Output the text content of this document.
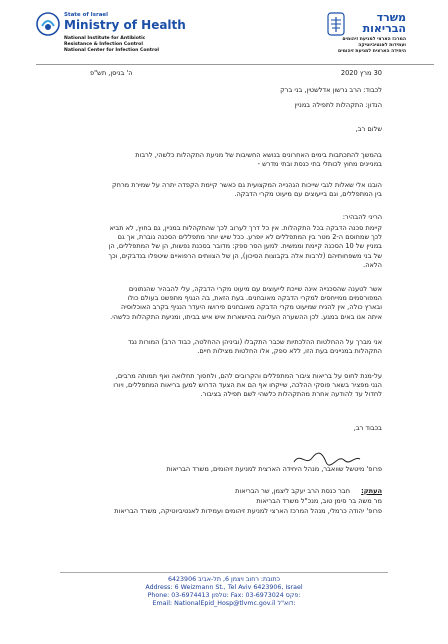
State of Israel
Ministry of Health
National Institute for Antibiotic
Resistance & Infection Control
National Center for Infection Control
משרד
הבריאות
המרכז הארצי למניעת זיהומים
ועמידות לאנטיביוטיקה
היחידה הארצית למניעת זיהומים
30 מרץ 2020
ה' בניסן, תש"פ
לכבוד: הרב גרשון אדלשטין, בני ברק
הנדון: התקהלות לתפילה במניין
שלום רב,
בהמשך להתכתבות בימים האחרונים בנושא החשיבות של מניעת התקהלות כלשהי, לרבות
במניינים מחוץ לכותלי בתי כנסת ובתי מדרש -
הובנו אלי שאלות לגבי שייכות הגהנייה המקצועית גם כאשר קיימת הקפדה יתרה על שמירת מרחק
בין המתפללים, וגם בייעוצים עם מיעוט מקרי הדבקה.
הריני להבהיר:
קיימת סכנה הדבקה בכל התקהלות. אין כל דרך לערוב לכך שהתקהלות במניין, גם בחוץ, לא תביא
לכך שמחוסם ה-2 מטר בין המתפללים לא יופרע. ככל שיש יותר מתפללים הסכנה גוברת, אך גם
במניין של 10 הסכנה קיימת וממשית. למען הסר ספק: מדובר בסכנת נפשות, הן של המתפללים, הן
של בני משפחותיהם (לרבות אלה בקבוצות הסיכון), הן של הצוותים הרפואיים שיטפלו בנדבקים, וכך
הלאה.
אשר לטענה שהסכנייה אינה שייכת לייעוצים עם מיעוט מקרי הדבקה, עלי להבהיר שהנתונים
המפורסמים ממייחסים למקרי הדבקה מאובחנים. בעת הזאת, בה הנגיף מתפשט בעולם כולו
ובארץ כולה, אין להניח שמיעוט מקרי הדבקה מאובחנים פירושו היעדר הנגיף בקרב האוכלוסיה
איתה אנו באים במגע. לכן ההשערה העליונה בהישארות איש איש בביתו, ומניעת התקהלות כלשהי.
אני מברך על ההחלטות ההלכתיות שכבר התקבלו (וביניהן ההחלטה, כבוד הרב) המורות נגד
התקהלות במניינים בעת הזו, ללא ספק, אלו החלטות מצילות חיים.
על-מנת לחוס על בריאות ציבור המתפללים והקרובים להם, ולחסוך תחלואה ואף תמותה מרבים,
הנני מפציר בשאר פוסקי ההלכה, שייקחו אף הם את הצעד הדרוש למען בריאות המתפללים, ויורו
לחדול עד להודעה אחרת מהתקהלות כלשהי לשם תפילה בציבור.
בכבוד רב,
פרופ' מיטשל שוואבר, מנהל היחידה הארצית למניעת זיהומים, משרד הבריאות
העתק:
חבר כנסת הרב יעקב ליצמן, שר הבריאות
מר משה בר סימן טוב, מנכ"ל משרד הבריאות
פרופ' יהודה כרמלי, מנהל המרכז הארצי למניעת זיהומים ועמידות לאנטיביוטיקה, משרד הבריאות
כתובת: רחוב ויצמן 6, תל-אביב 6423906
Address: 6 Weizmann St., Tel Aviv 6423906, Israel
Phone: 03-6974413 טלפון: Fax: 03-6973024 פקס:
Email: NationalEpid_Hosp@tlvmc.gov.il דוא"ל:
